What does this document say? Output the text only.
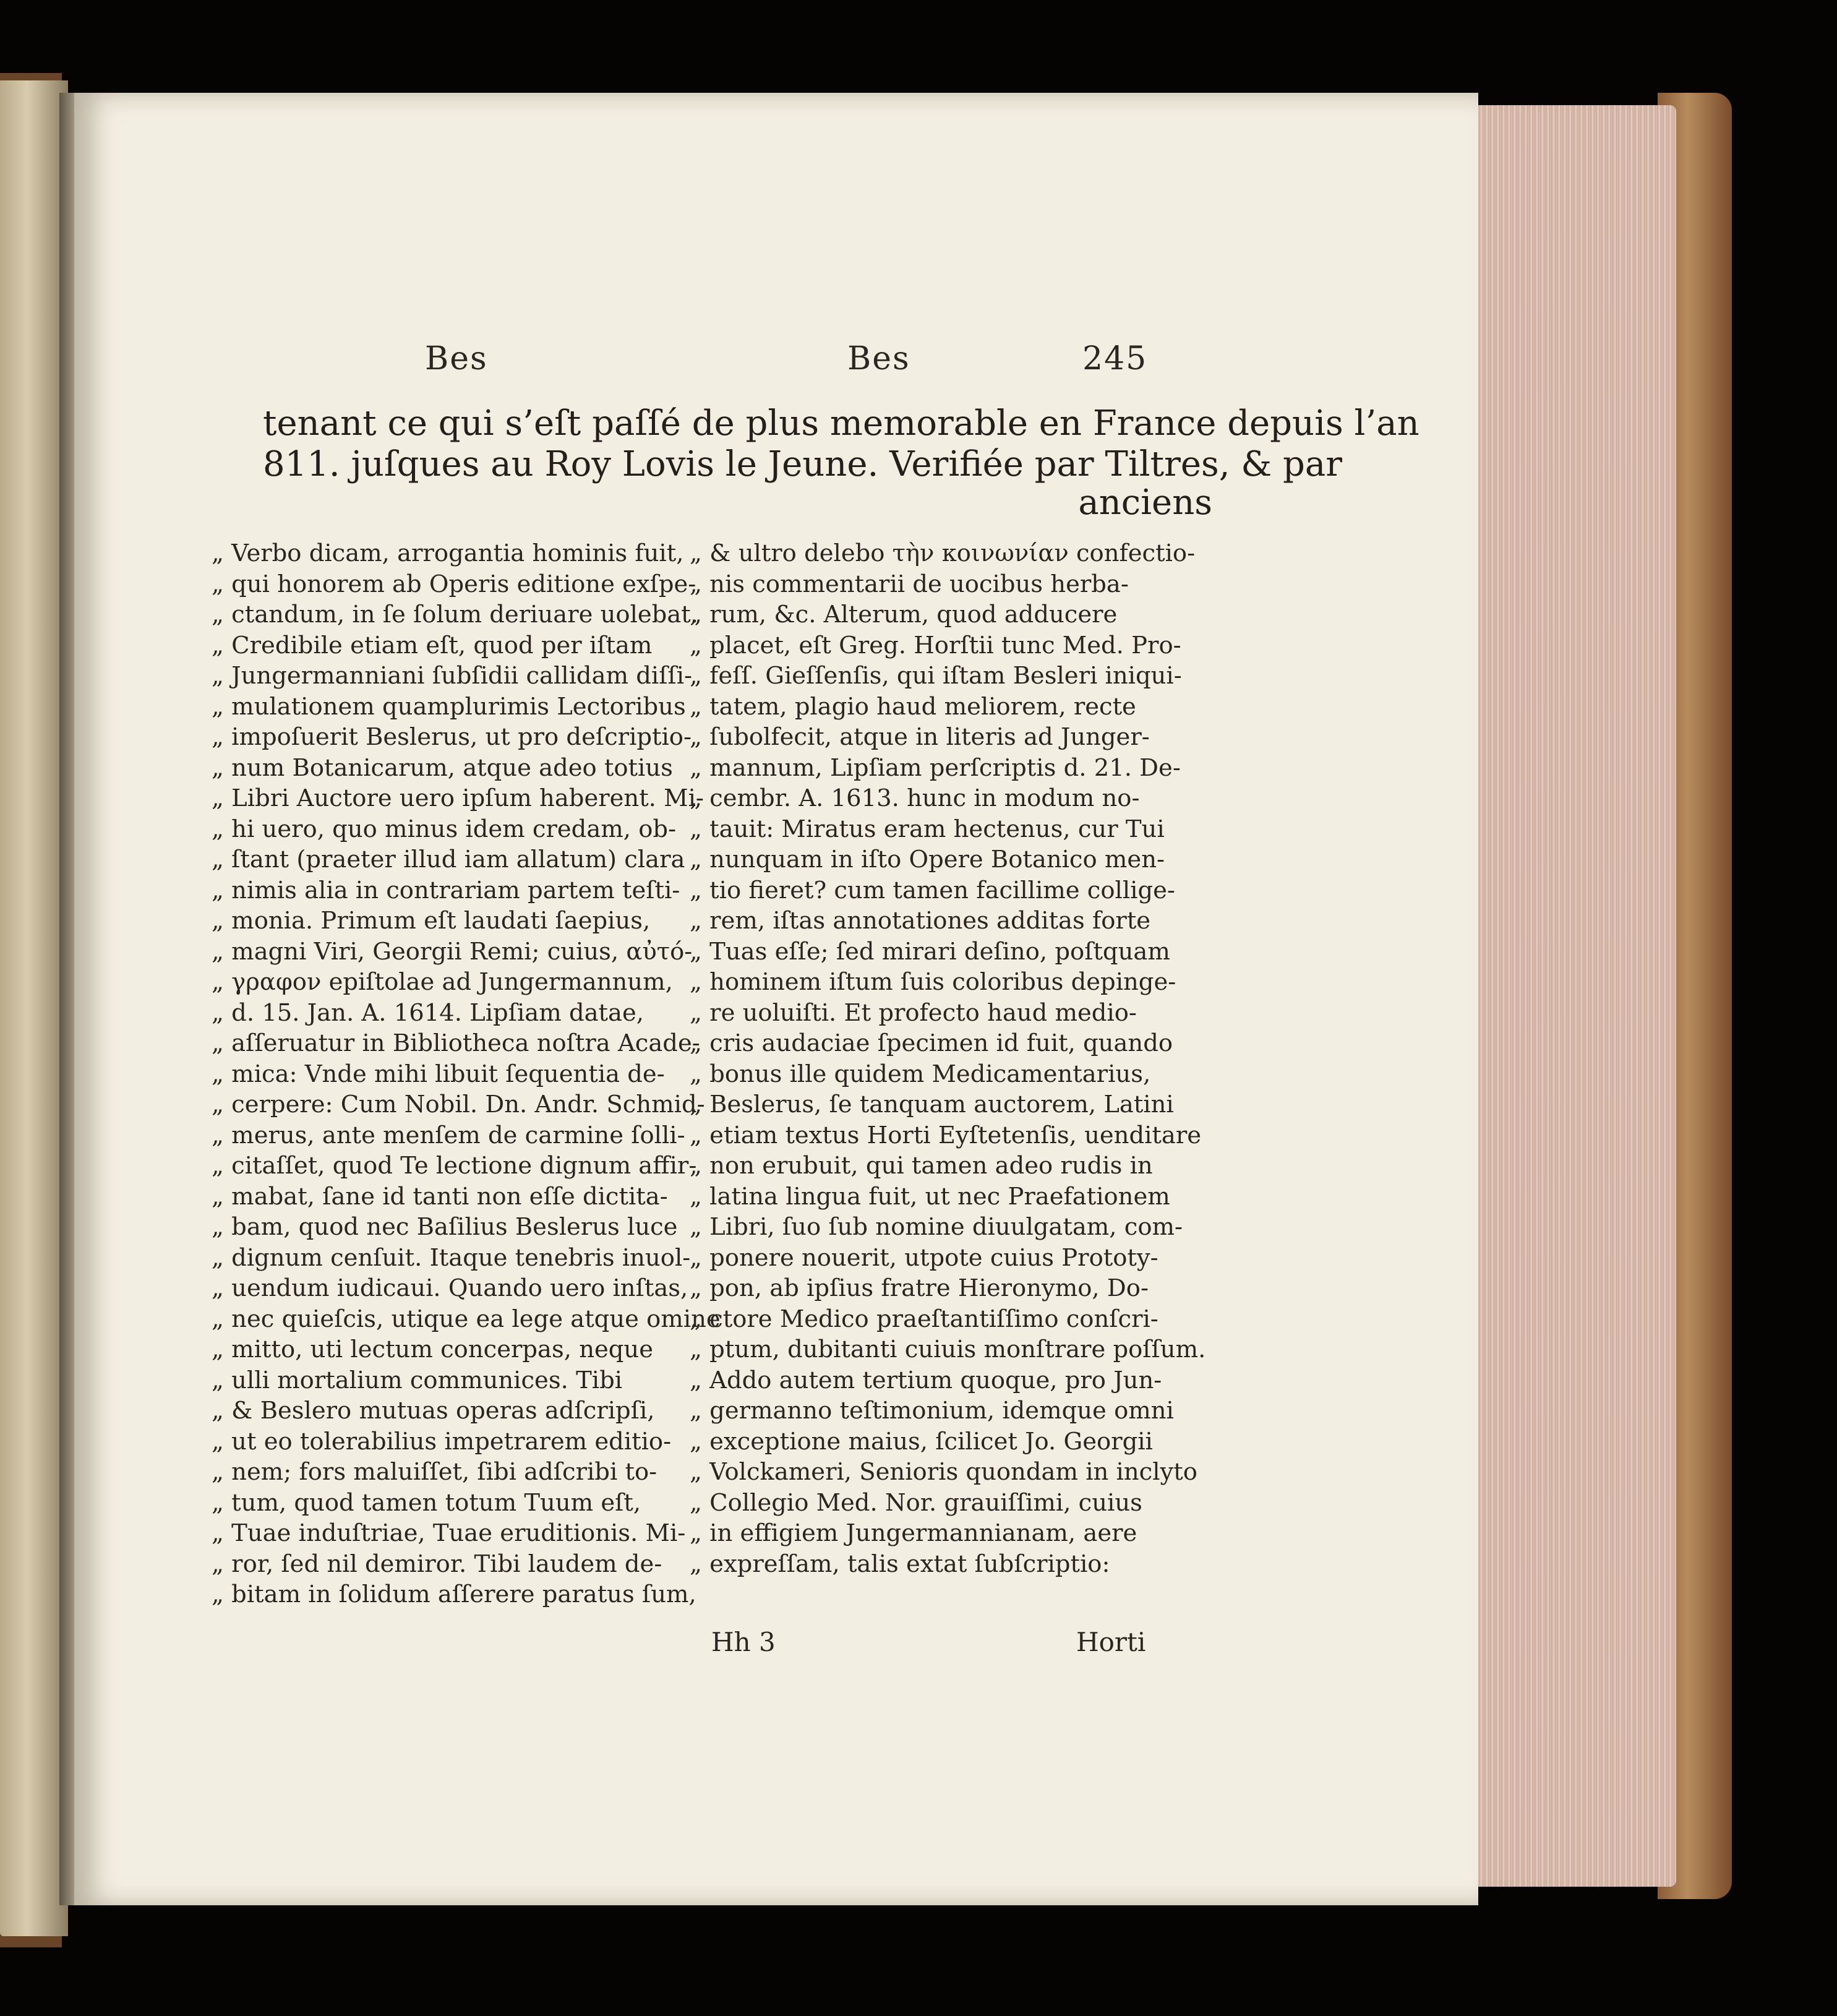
Bes	Bes	245
tenant ce qui s’eſt paſſé de plus memorable en France depuis l’an
811. juſques au Roy Lovis le Jeune. Verifiée par Tiltres, & par
anciens
„ Verbo dicam, arrogantia hominis fuit,
„ qui honorem ab Operis editione exſpe-
„ ctandum, in ſe ſolum deriuare uolebat.
„ Credibile etiam eſt, quod per iſtam
„ Jungermanniani ſubſidii callidam diſſi-
„ mulationem quamplurimis Lectoribus
„ impoſuerit Beslerus, ut pro deſcriptio-
„ num Botanicarum, atque adeo totius
„ Libri Auctore uero ipſum haberent. Mi-
„ hi uero, quo minus idem credam, ob-
„ ſtant (praeter illud iam allatum) clara
„ nimis alia in contrariam partem teſti-
„ monia. Primum eſt laudati ſaepius,
„ magni Viri, Georgii Remi; cuius, αὐτό-
„ γραφον epiſtolae ad Jungermannum,
„ d. 15. Jan. A. 1614. Lipſiam datae,
„ aſſeruatur in Bibliotheca noſtra Acade-
„ mica: Vnde mihi libuit ſequentia de-
„ cerpere: Cum Nobil. Dn. Andr. Schmid-
„ merus, ante menſem de carmine ſolli-
„ citaſſet, quod Te lectione dignum affir-
„ mabat, ſane id tanti non eſſe dictita-
„ bam, quod nec Baſilius Beslerus luce
„ dignum cenſuit. Itaque tenebris inuol-
„ uendum iudicaui. Quando uero inſtas,
„ nec quieſcis, utique ea lege atque omine
„ mitto, uti lectum concerpas, neque
„ ulli mortalium communices. Tibi
„ & Beslero mutuas operas adſcripſi,
„ ut eo tolerabilius impetrarem editio-
„ nem; fors maluiſſet, ſibi adſcribi to-
„ tum, quod tamen totum Tuum eſt,
„ Tuae induſtriae, Tuae eruditionis. Mi-
„ ror, ſed nil demiror. Tibi laudem de-
„ bitam in ſolidum aſſerere paratus ſum,
„ & ultro delebo τὴν κοινωνίαν confectio-
„ nis commentarii de uocibus herba-
„ rum, &c. Alterum, quod adducere
„ placet, eſt Greg. Horſtii tunc Med. Pro-
„ feſſ. Gieſſenſis, qui iſtam Besleri iniqui-
„ tatem, plagio haud meliorem, recte
„ ſubolfecit, atque in literis ad Junger-
„ mannum, Lipſiam perſcriptis d. 21. De-
„ cembr. A. 1613. hunc in modum no-
„ tauit: Miratus eram hectenus, cur Tui
„ nunquam in iſto Opere Botanico men-
„ tio fieret? cum tamen facillime collige-
„ rem, iſtas annotationes additas forte
„ Tuas eſſe; ſed mirari deſino, poſtquam
„ hominem iſtum ſuis coloribus depinge-
„ re uoluiſti. Et profecto haud medio-
„ cris audaciae ſpecimen id fuit, quando
„ bonus ille quidem Medicamentarius,
„ Beslerus, ſe tanquam auctorem, Latini
„ etiam textus Horti Eyſtetenſis, uenditare
„ non erubuit, qui tamen adeo rudis in
„ latina lingua fuit, ut nec Praefationem
„ Libri, ſuo ſub nomine diuulgatam, com-
„ ponere nouerit, utpote cuius Prototy-
„ pon, ab ipſius fratre Hieronymo, Do-
„ ctore Medico praeſtantiſſimo conſcri-
„ ptum, dubitanti cuiuis monſtrare poſſum.
„ Addo autem tertium quoque, pro Jun-
„ germanno teſtimonium, idemque omni
„ exceptione maius, ſcilicet Jo. Georgii
„ Volckameri, Senioris quondam in inclyto
„ Collegio Med. Nor. grauiſſimi, cuius
„ in effigiem Jungermannianam, aere
„ expreſſam, talis extat ſubſcriptio:
Hh 3	Horti
